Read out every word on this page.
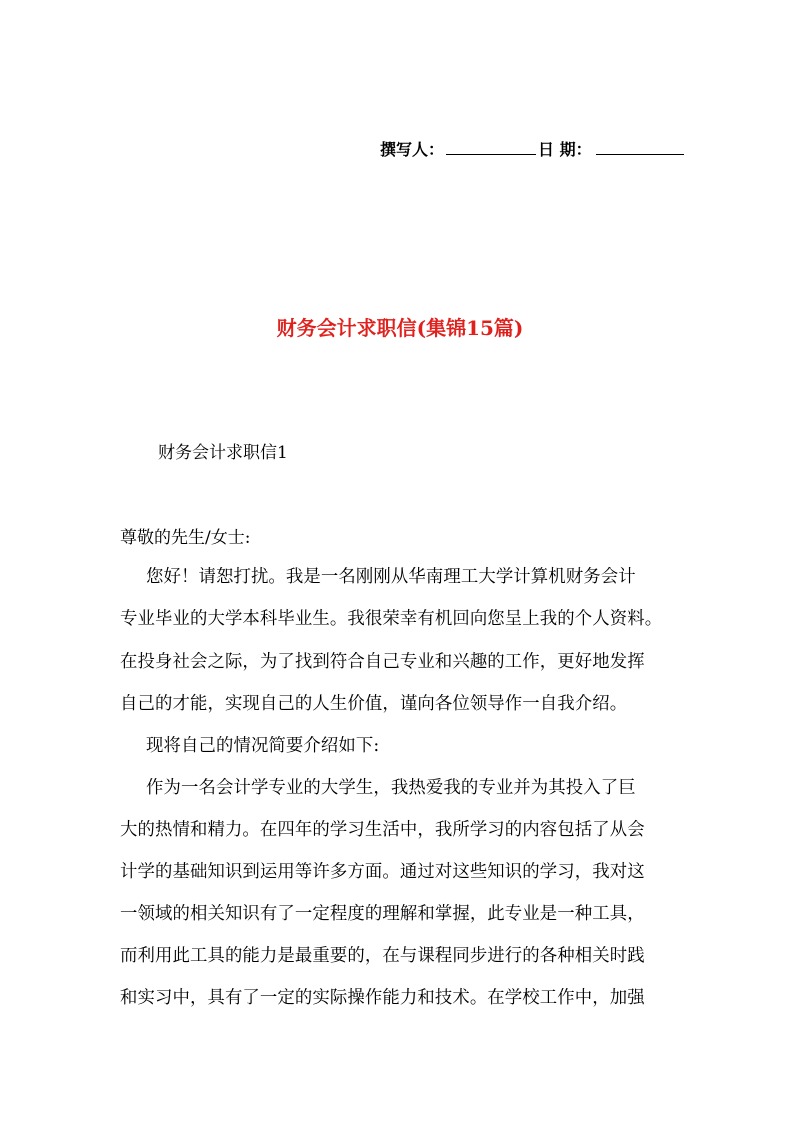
撰写人：	日 期：
财务会计求职信(集锦15篇)
财务会计求职信1
尊敬的先生/女士:
您好！请恕打扰。我是一名刚刚从华南理工大学计算机财务会计
专业毕业的大学本科毕业生。我很荣幸有机回向您呈上我的个人资料。
在投身社会之际，为了找到符合自己专业和兴趣的工作，更好地发挥
自己的才能，实现自己的人生价值，谨向各位领导作一自我介绍。
现将自己的情况简要介绍如下:
作为一名会计学专业的大学生，我热爱我的专业并为其投入了巨
大的热情和精力。在四年的学习生活中，我所学习的内容包括了从会
计学的基础知识到运用等许多方面。通过对这些知识的学习，我对这
一领域的相关知识有了一定程度的理解和掌握，此专业是一种工具，
而利用此工具的能力是最重要的，在与课程同步进行的各种相关时践
和实习中，具有了一定的实际操作能力和技术。在学校工作中，加强
